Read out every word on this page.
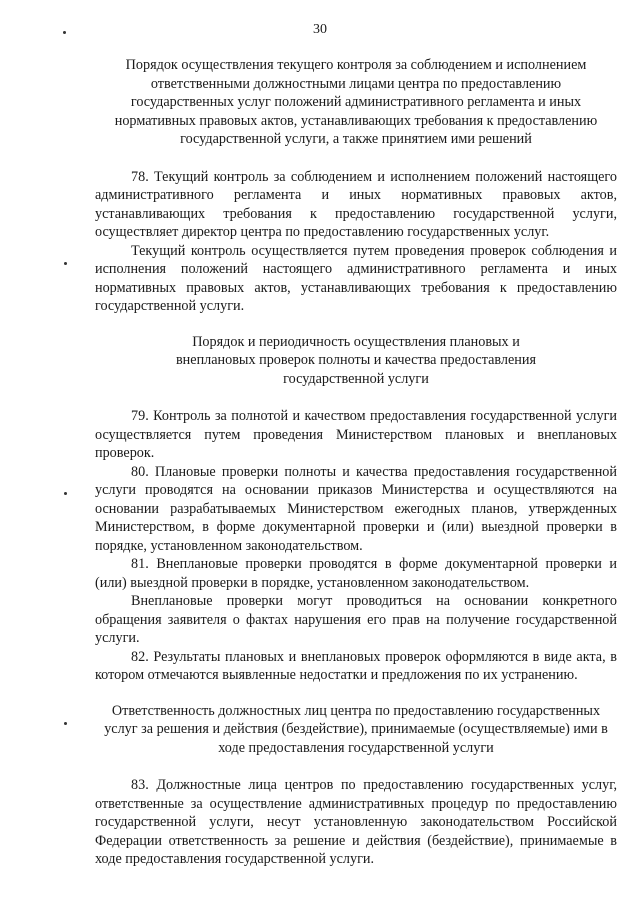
30

Порядок осуществления текущего контроля за соблюдением и исполнением ответственными должностными лицами центра по предоставлению государственных услуг положений административного регламента и иных нормативных правовых актов, устанавливающих требования к предоставлению государственной услуги, а также принятием ими решений

78. Текущий контроль за соблюдением и исполнением положений настоящего административного регламента и иных нормативных правовых актов, устанавливающих требования к предоставлению государственной услуги, осуществляет директор центра по предоставлению государственных услуг.

Текущий контроль осуществляется путем проведения проверок соблюдения и исполнения положений настоящего административного регламента и иных нормативных правовых актов, устанавливающих требования к предоставлению государственной услуги.

Порядок и периодичность осуществления плановых и внеплановых проверок полноты и качества предоставления государственной услуги

79. Контроль за полнотой и качеством предоставления государственной услуги осуществляется путем проведения Министерством плановых и внеплановых проверок.

80. Плановые проверки полноты и качества предоставления государственной услуги проводятся на основании приказов Министерства и осуществляются на основании разрабатываемых Министерством ежегодных планов, утвержденных Министерством, в форме документарной проверки и (или) выездной проверки в порядке, установленном законодательством.

81. Внеплановые проверки проводятся в форме документарной проверки и (или) выездной проверки в порядке, установленном законодательством.

Внеплановые проверки могут проводиться на основании конкретного обращения заявителя о фактах нарушения его прав на получение государственной услуги.

82. Результаты плановых и внеплановых проверок оформляются в виде акта, в котором отмечаются выявленные недостатки и предложения по их устранению.

Ответственность должностных лиц центра по предоставлению государственных услуг за решения и действия (бездействие), принимаемые (осуществляемые) ими в ходе предоставления государственной услуги

83. Должностные лица центров по предоставлению государственных услуг, ответственные за осуществление административных процедур по предоставлению государственной услуги, несут установленную законодательством Российской Федерации ответственность за решение и действия (бездействие), принимаемые в ходе предоставления государственной услуги.
